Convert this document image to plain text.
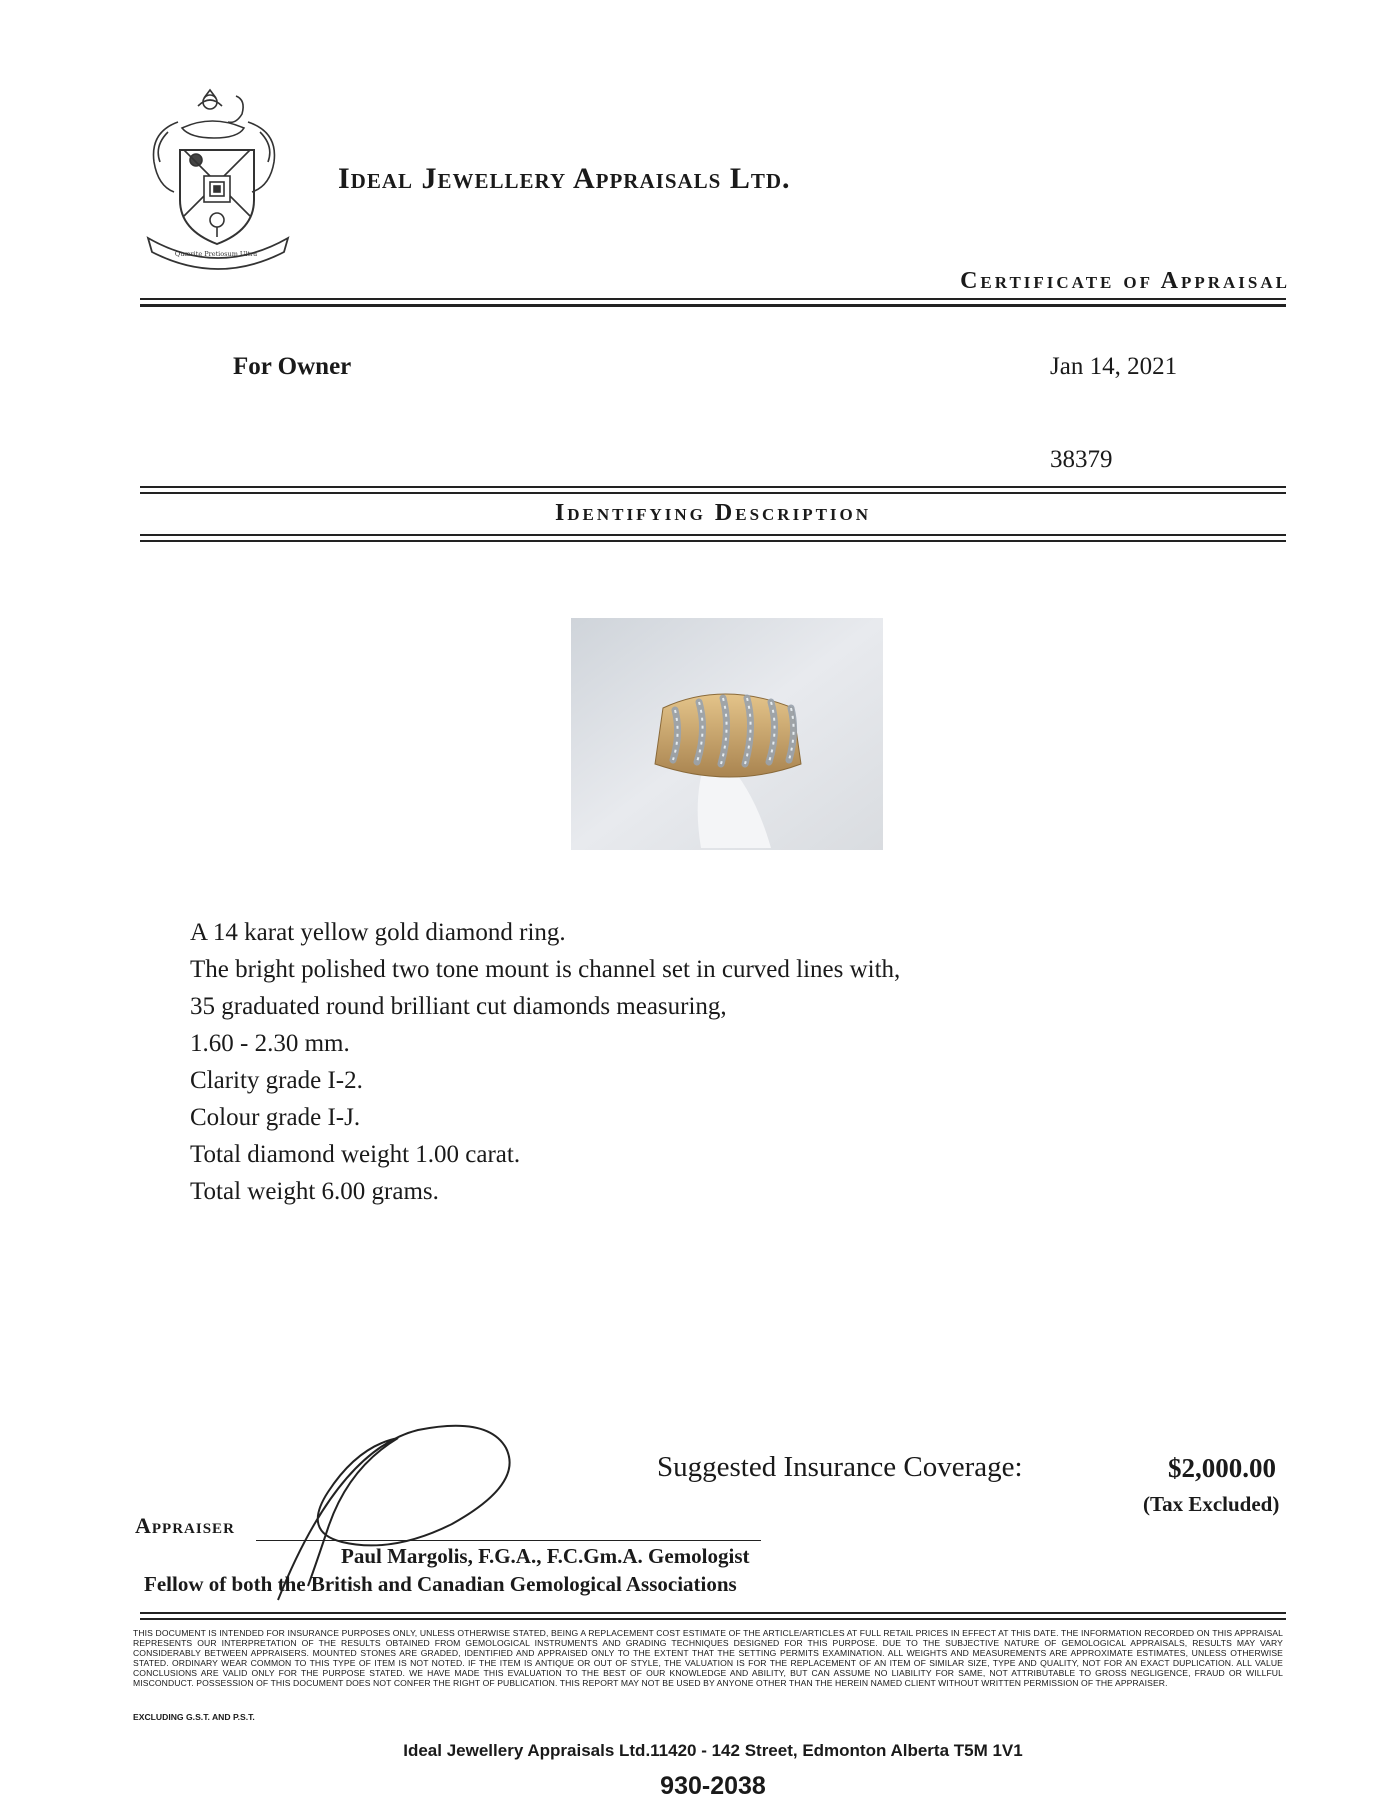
Quærite Pretiosum Ultra
Ideal Jewellery Appraisals Ltd.
Certificate of Appraisal
For Owner	Jan 14, 2021
38379
Identifying Description
A 14 karat yellow gold diamond ring.
The bright polished two tone mount is channel set in curved lines with,
35 graduated round brilliant cut diamonds measuring,
1.60 - 2.30 mm.
Clarity grade I-2.
Colour grade I-J.
Total diamond weight 1.00 carat.
Total weight 6.00 grams.
Suggested Insurance Coverage:	$2,000.00
(Tax Excluded)
Appraiser
Paul Margolis, F.G.A., F.C.Gm.A. Gemologist
Fellow of both the British and Canadian Gemological Associations
THIS DOCUMENT IS INTENDED FOR INSURANCE PURPOSES ONLY, UNLESS OTHERWISE STATED, BEING A REPLACEMENT COST ESTIMATE OF THE ARTICLE/ARTICLES AT FULL RETAIL PRICES IN EFFECT AT THIS DATE. THE INFORMATION RECORDED ON THIS APPRAISAL REPRESENTS OUR INTERPRETATION OF THE RESULTS OBTAINED FROM GEMOLOGICAL INSTRUMENTS AND GRADING TECHNIQUES DESIGNED FOR THIS PURPOSE. DUE TO THE SUBJECTIVE NATURE OF GEMOLOGICAL APPRAISALS, RESULTS MAY VARY CONSIDERABLY BETWEEN APPRAISERS. MOUNTED STONES ARE GRADED, IDENTIFIED AND APPRAISED ONLY TO THE EXTENT THAT THE SETTING PERMITS EXAMINATION. ALL WEIGHTS AND MEASUREMENTS ARE APPROXIMATE ESTIMATES, UNLESS OTHERWISE STATED. ORDINARY WEAR COMMON TO THIS TYPE OF ITEM IS NOT NOTED. IF THE ITEM IS ANTIQUE OR OUT OF STYLE, THE VALUATION IS FOR THE REPLACEMENT OF AN ITEM OF SIMILAR SIZE, TYPE AND QUALITY, NOT FOR AN EXACT DUPLICATION. ALL VALUE CONCLUSIONS ARE VALID ONLY FOR THE PURPOSE STATED. WE HAVE MADE THIS EVALUATION TO THE BEST OF OUR KNOWLEDGE AND ABILITY, BUT CAN ASSUME NO LIABILITY FOR SAME, NOT ATTRIBUTABLE TO GROSS NEGLIGENCE, FRAUD OR WILLFUL MISCONDUCT. POSSESSION OF THIS DOCUMENT DOES NOT CONFER THE RIGHT OF PUBLICATION. THIS REPORT MAY NOT BE USED BY ANYONE OTHER THAN THE HEREIN NAMED CLIENT WITHOUT WRITTEN PERMISSION OF THE APPRAISER.
EXCLUDING G.S.T. AND P.S.T.
Ideal Jewellery Appraisals Ltd.11420 - 142 Street, Edmonton Alberta T5M 1V1
930-2038
